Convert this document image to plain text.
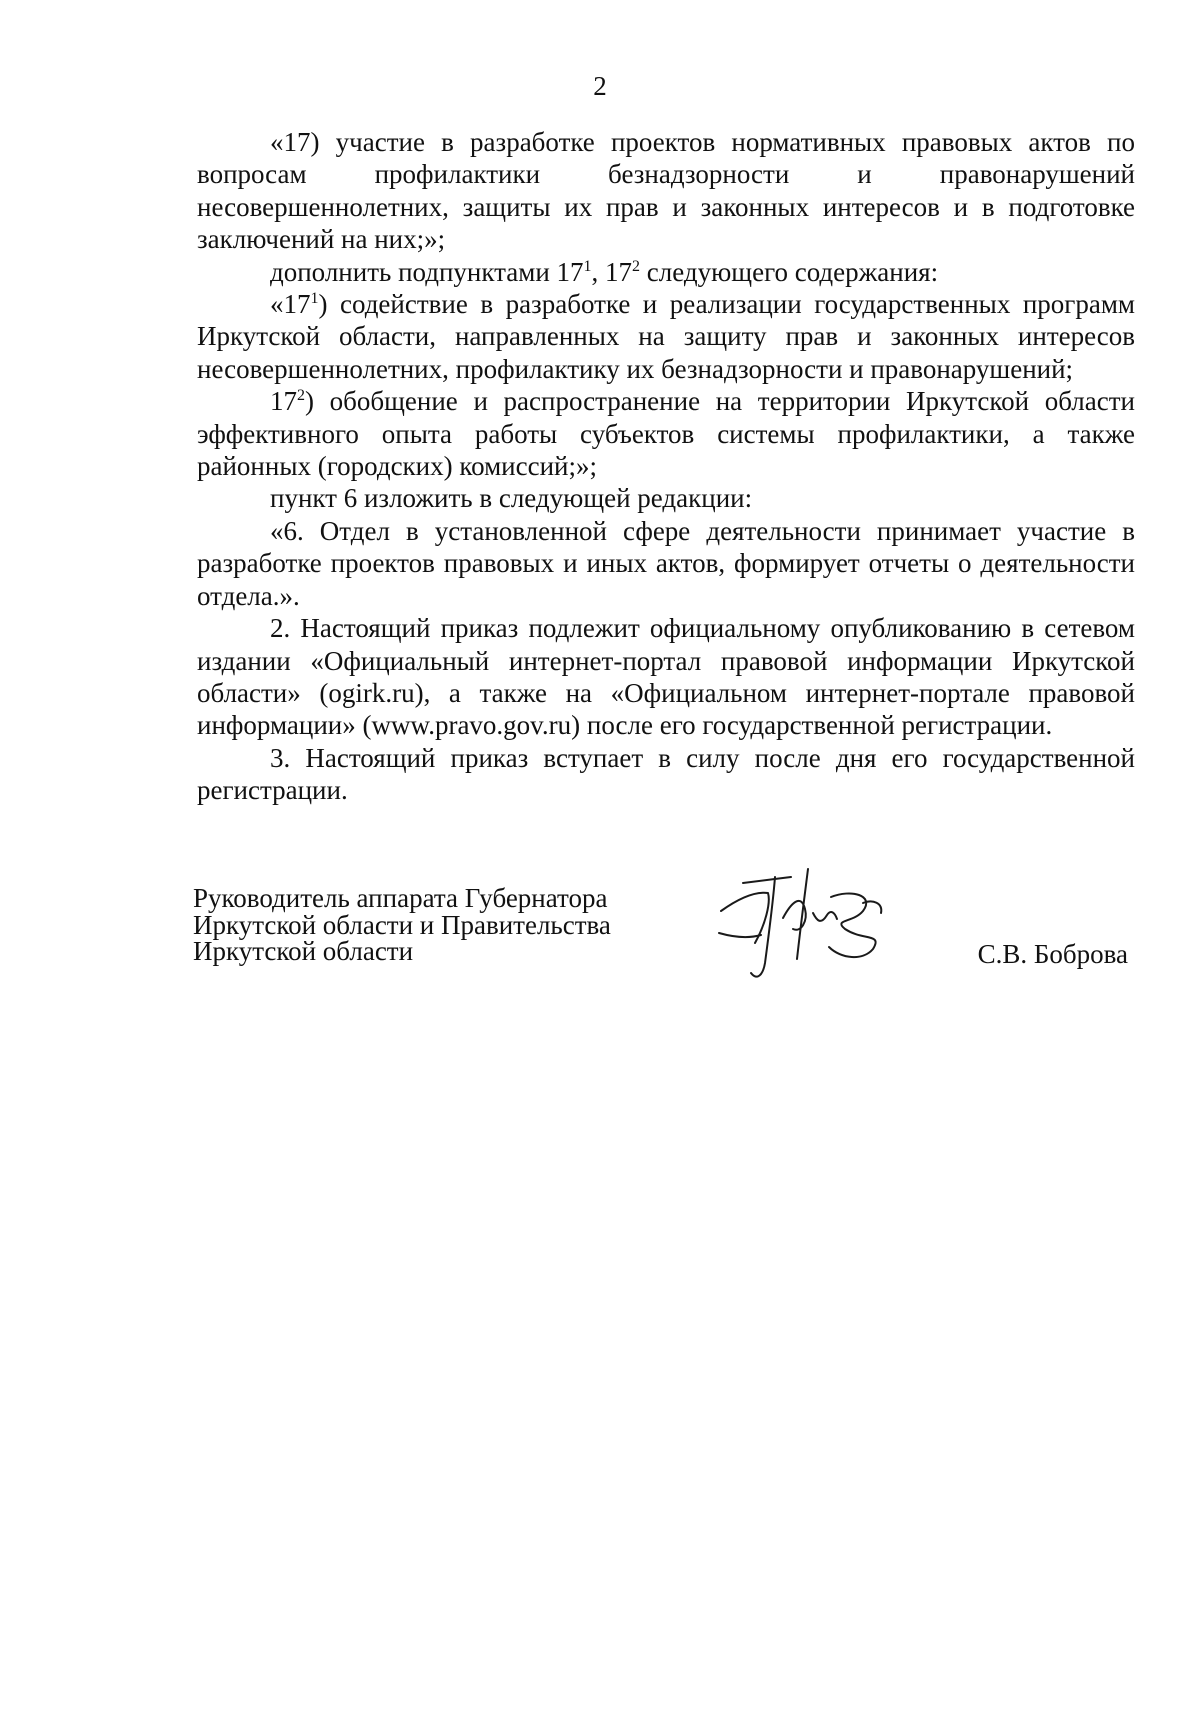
2

«17) участие в разработке проектов нормативных правовых актов по вопросам профилактики безнадзорности и правонарушений несовершеннолетних, защиты их прав и законных интересов и в подготовке заключений на них;»;

дополнить подпунктами $17^1$, $17^2$ следующего содержания:

«$17^1$) содействие в разработке и реализации государственных программ Иркутской области, направленных на защиту прав и законных интересов несовершеннолетних, профилактику их безнадзорности и правонарушений;

$17^2$) обобщение и распространение на территории Иркутской области эффективного опыта работы субъектов системы профилактики, а также районных (городских) комиссий;»;

пункт 6 изложить в следующей редакции:

«6. Отдел в установленной сфере деятельности принимает участие в разработке проектов правовых и иных актов, формирует отчеты о деятельности отдела.».

2. Настоящий приказ подлежит официальному опубликованию в сетевом издании «Официальный интернет-портал правовой информации Иркутской области» (ogirk.ru), а также на «Официальном интернет-портале правовой информации» (www.pravo.gov.ru) после его государственной регистрации.

3. Настоящий приказ вступает в силу после дня его государственной регистрации.

Руководитель аппарата Губернатора
Иркутской области и Правительства
Иркутской области	С.В. Боброва
